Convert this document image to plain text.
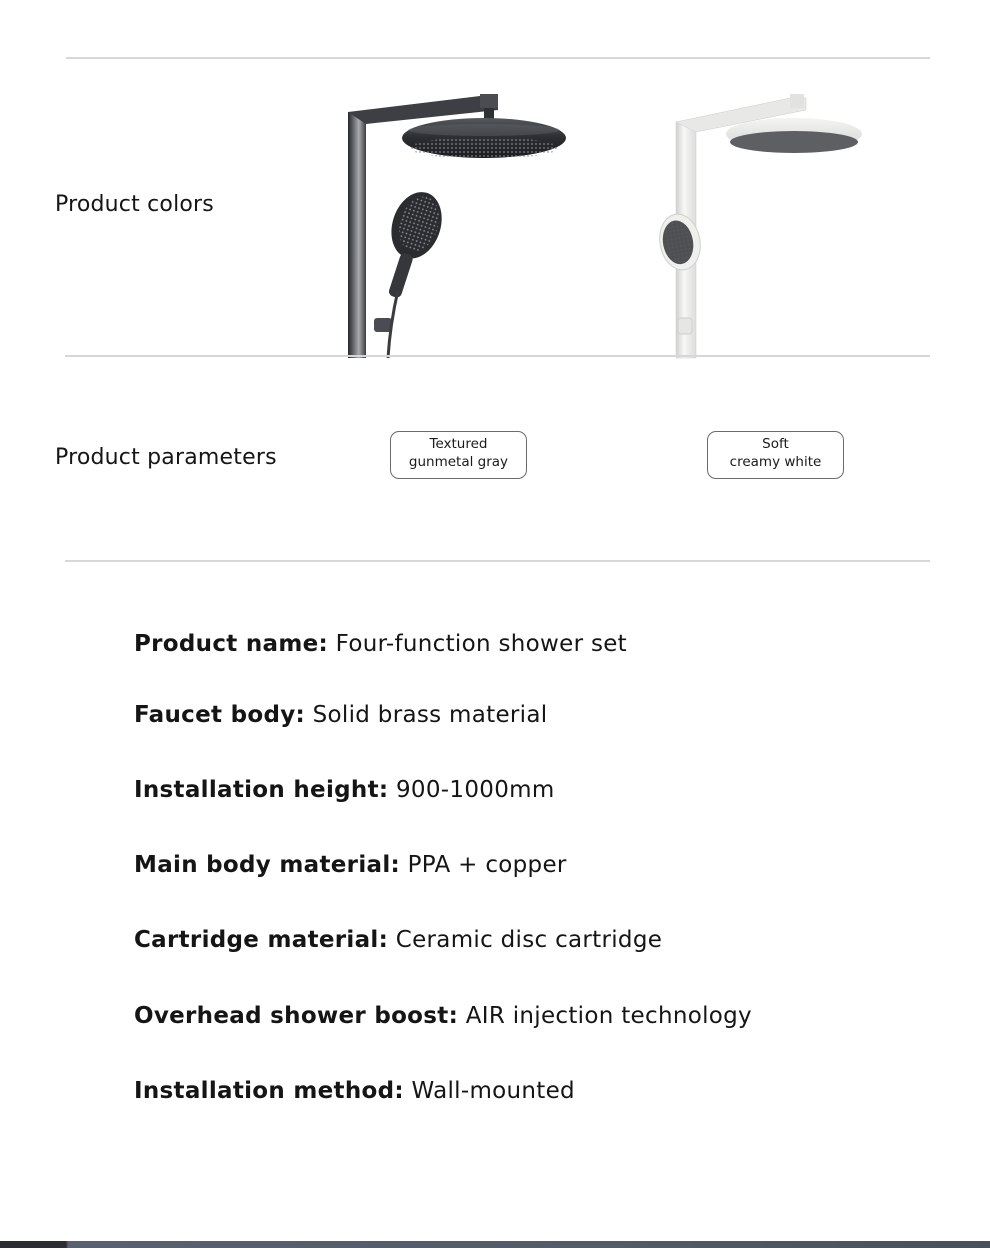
Product colors
Product parameters
Textured
gunmetal gray
Soft
creamy white
Product name: Four-function shower set
Faucet body: Solid brass material
Installation height: 900-1000mm
Main body material: PPA + copper
Cartridge material: Ceramic disc cartridge
Overhead shower boost: AIR injection technology
Installation method: Wall-mounted
